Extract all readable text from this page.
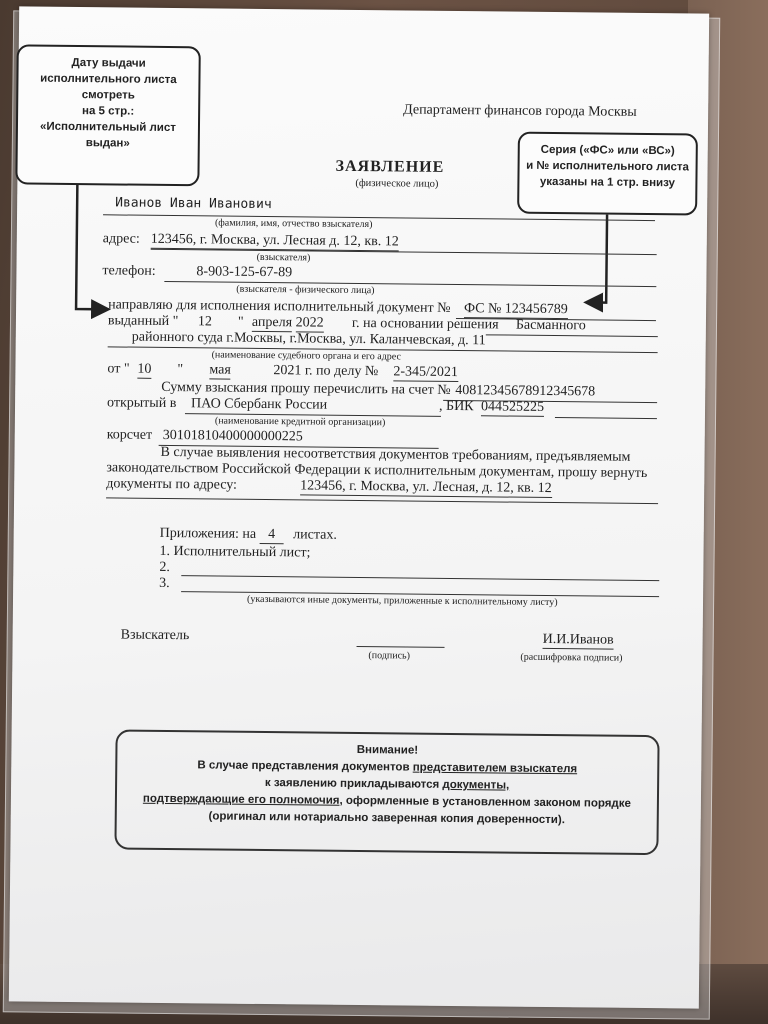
Дату выдачи
исполнительного листа
смотреть
на 5 стр.:
«Исполнительный лист
выдан»
Серия («ФС» или «ВС»)
и № исполнительного листа
указаны на 1 стр. внизу
Департамент финансов города Москвы
ЗАЯВЛЕНИЕ
(физическое лицо)
Иванов Иван Иванович
(фамилия, имя, отчество взыскателя)
адрес: 123456, г. Москва, ул. Лесная д. 12, кв. 12
(взыскателя)
телефон:	8-903-125-67-89
(взыскателя - физического лица)
направляю для исполнения исполнительный документ № ФС № 123456789
выданный " 12 " апреля 2022 г. на основании решения Басманного
районного суда г.Москвы, г.Москва, ул. Каланчевская, д. 11
(наименование судебного органа и его адрес
от " 10 " мая	2021 г. по делу № 2-345/2021
Сумму взыскания прошу перечислить на счет № 40812345678912345678
открытый в ПАО Сбербанк России	, БИК 044525225
(наименование кредитной организации)
корсчет 30101810400000000225
В случае выявления несоответствия документов требованиям, предъявляемым
законодательством Российской Федерации к исполнительным документам, прошу вернуть
документы по адресу:	123456, г. Москва, ул. Лесная, д. 12, кв. 12
Приложения: на 4 листах.
1. Исполнительный лист;
2.
3.
(указываются иные документы, приложенные к исполнительному листу)
Взыскатель
(подпись)
И.И.Иванов
(расшифровка подписи)
Внимание!
В случае представления документов представителем взыскателя
к заявлению прикладываются документы,
подтверждающие его полномочия, оформленные в установленном законом порядке
(оригинал или нотариально заверенная копия доверенности).
